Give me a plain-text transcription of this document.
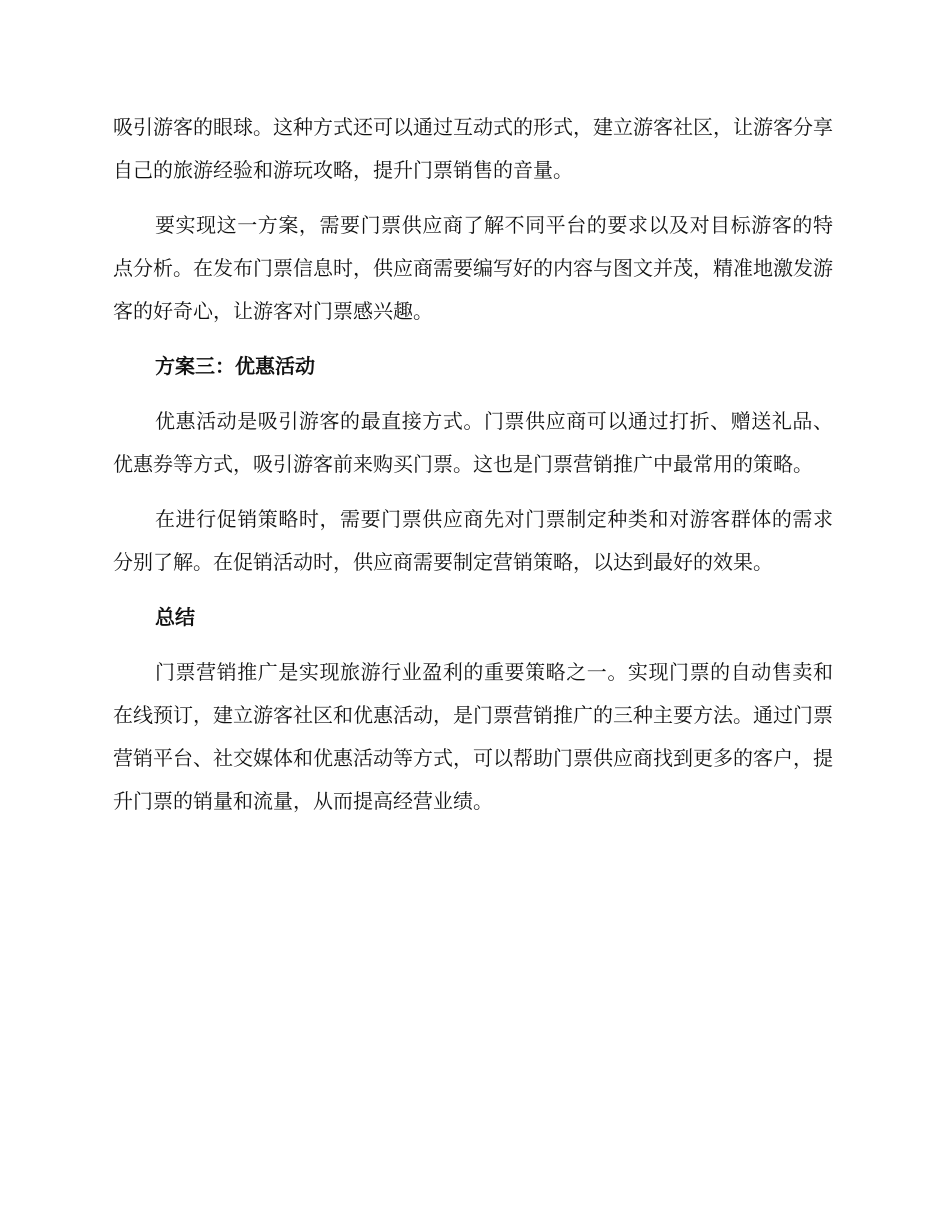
吸引游客的眼球。这种方式还可以通过互动式的形式，建立游客社区，让游客分享自己的旅游经验和游玩攻略，提升门票销售的音量。

要实现这一方案，需要门票供应商了解不同平台的要求以及对目标游客的特点分析。在发布门票信息时，供应商需要编写好的内容与图文并茂，精准地激发游客的好奇心，让游客对门票感兴趣。

方案三：优惠活动

优惠活动是吸引游客的最直接方式。门票供应商可以通过打折、赠送礼品、优惠券等方式，吸引游客前来购买门票。这也是门票营销推广中最常用的策略。

在进行促销策略时，需要门票供应商先对门票制定种类和对游客群体的需求分别了解。在促销活动时，供应商需要制定营销策略，以达到最好的效果。

总结

门票营销推广是实现旅游行业盈利的重要策略之一。实现门票的自动售卖和在线预订，建立游客社区和优惠活动，是门票营销推广的三种主要方法。通过门票营销平台、社交媒体和优惠活动等方式，可以帮助门票供应商找到更多的客户，提升门票的销量和流量，从而提高经营业绩。
